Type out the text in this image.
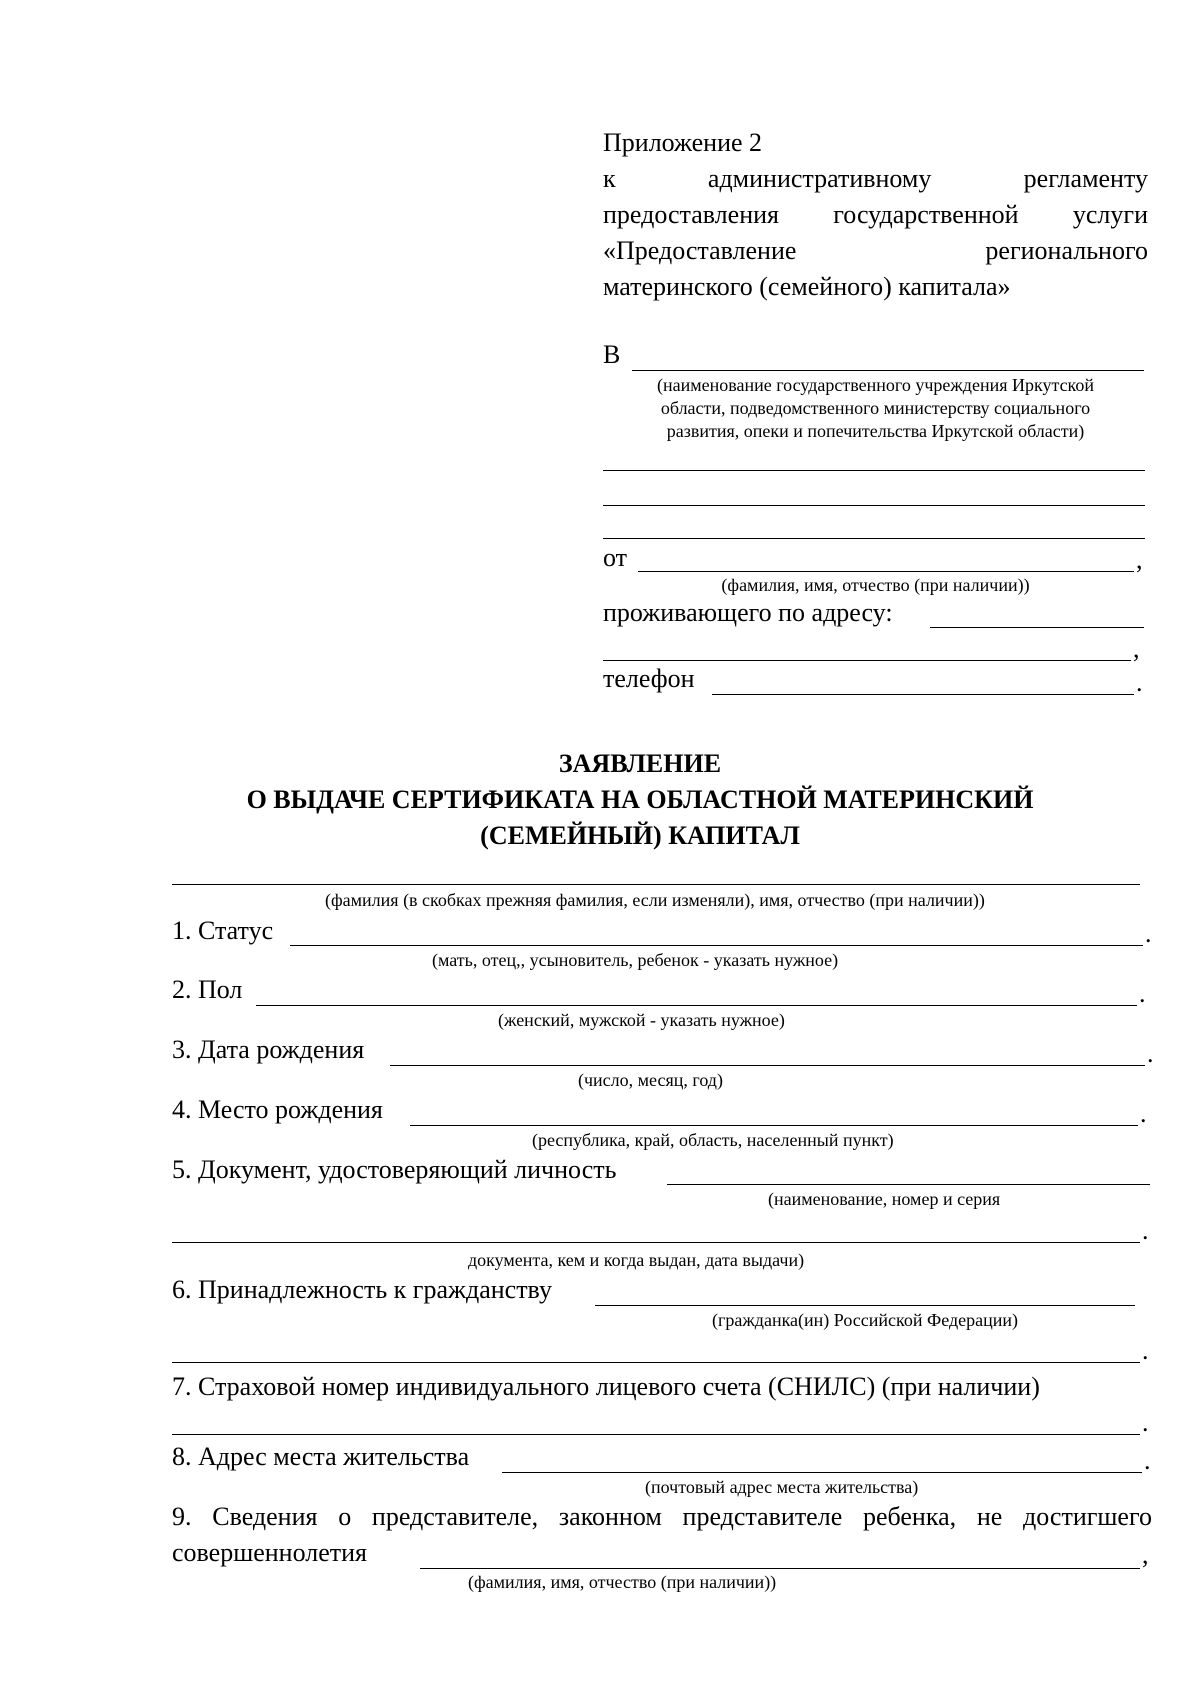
Приложение 2
к административному регламенту
предоставления государственной услуги
«Предоставление регионального
материнского (семейного) капитала»
В
(наименование государственного учреждения Иркутской
области, подведомственного министерству социального
развития, опеки и попечительства Иркутской области)
от	,
(фамилия, имя, отчество (при наличии))
проживающего по адресу:
,
телефон	.
ЗАЯВЛЕНИЕ
О ВЫДАЧЕ СЕРТИФИКАТА НА ОБЛАСТНОЙ МАТЕРИНСКИЙ
(СЕМЕЙНЫЙ) КАПИТАЛ
(фамилия (в скобках прежняя фамилия, если изменяли), имя, отчество (при наличии))
1. Статус	.
(мать, отец,, усыновитель, ребенок - указать нужное)
2. Пол	.
(женский, мужской - указать нужное)
3. Дата рождения	.
(число, месяц, год)
4. Место рождения	.
(республика, край, область, населенный пункт)
5. Документ, удостоверяющий личность
(наименование, номер и серия
.
документа, кем и когда выдан, дата выдачи)
6. Принадлежность к гражданству
(гражданка(ин) Российской Федерации)
.
7. Страховой номер индивидуального лицевого счета (СНИЛС) (при наличии)
.
8. Адрес места жительства	.
(почтовый адрес места жительства)
9. Сведения о представителе, законном представителе ребенка, не достигшего
совершеннолетия	,
(фамилия, имя, отчество (при наличии))
